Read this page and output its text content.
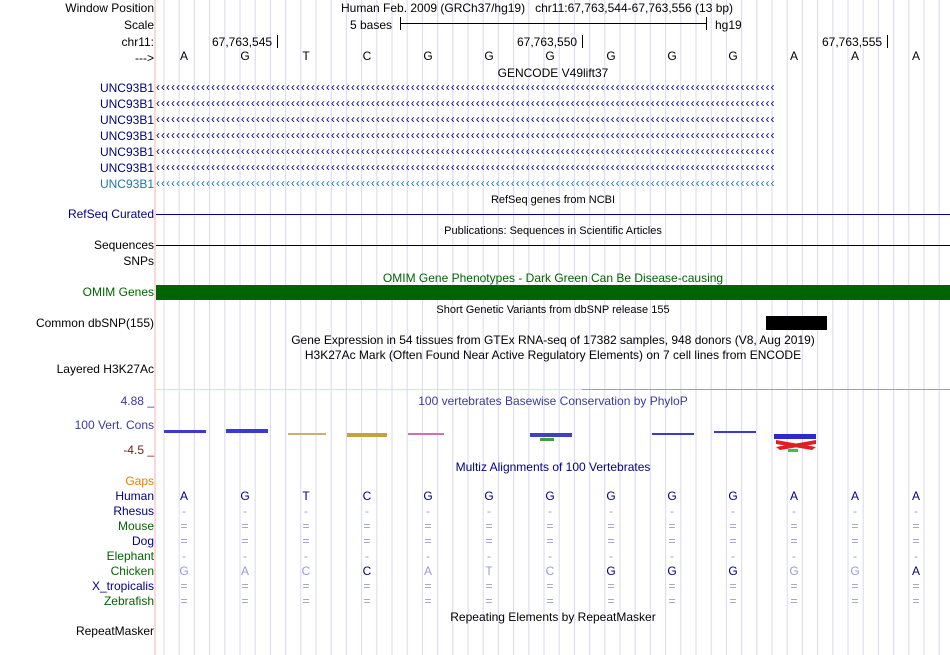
Window Position	Human Feb. 2009 (GRCh37/hg19) chr11:67,763,544-67,763,556 (13 bp)
Scale	5 bases	hg19
chr11:	67,763,545	67,763,550	67,763,555
--->	A	G	T	C	G	G	G	G	G	G	A	A	A
GENCODE V49lift37
UNC93B1 ‹‹‹‹‹‹‹‹‹‹‹‹‹‹‹‹‹‹‹‹‹‹‹‹‹‹‹‹‹‹‹‹‹‹‹‹‹‹‹‹‹‹‹‹‹‹‹‹‹‹‹‹‹‹‹‹‹‹‹‹‹‹‹‹‹‹‹‹‹‹‹‹‹‹‹‹‹‹‹‹‹‹‹‹‹‹‹‹‹‹‹‹‹‹‹‹‹‹‹‹‹‹‹‹‹‹‹‹‹‹‹‹‹‹‹‹‹‹‹‹‹‹‹‹
UNC93B1 ‹‹‹‹‹‹‹‹‹‹‹‹‹‹‹‹‹‹‹‹‹‹‹‹‹‹‹‹‹‹‹‹‹‹‹‹‹‹‹‹‹‹‹‹‹‹‹‹‹‹‹‹‹‹‹‹‹‹‹‹‹‹‹‹‹‹‹‹‹‹‹‹‹‹‹‹‹‹‹‹‹‹‹‹‹‹‹‹‹‹‹‹‹‹‹‹‹‹‹‹‹‹‹‹‹‹‹‹‹‹‹‹‹‹‹‹‹‹‹‹‹‹‹‹
UNC93B1 ‹‹‹‹‹‹‹‹‹‹‹‹‹‹‹‹‹‹‹‹‹‹‹‹‹‹‹‹‹‹‹‹‹‹‹‹‹‹‹‹‹‹‹‹‹‹‹‹‹‹‹‹‹‹‹‹‹‹‹‹‹‹‹‹‹‹‹‹‹‹‹‹‹‹‹‹‹‹‹‹‹‹‹‹‹‹‹‹‹‹‹‹‹‹‹‹‹‹‹‹‹‹‹‹‹‹‹‹‹‹‹‹‹‹‹‹‹‹‹‹‹‹‹‹
UNC93B1 ‹‹‹‹‹‹‹‹‹‹‹‹‹‹‹‹‹‹‹‹‹‹‹‹‹‹‹‹‹‹‹‹‹‹‹‹‹‹‹‹‹‹‹‹‹‹‹‹‹‹‹‹‹‹‹‹‹‹‹‹‹‹‹‹‹‹‹‹‹‹‹‹‹‹‹‹‹‹‹‹‹‹‹‹‹‹‹‹‹‹‹‹‹‹‹‹‹‹‹‹‹‹‹‹‹‹‹‹‹‹‹‹‹‹‹‹‹‹‹‹‹‹‹‹
UNC93B1 ‹‹‹‹‹‹‹‹‹‹‹‹‹‹‹‹‹‹‹‹‹‹‹‹‹‹‹‹‹‹‹‹‹‹‹‹‹‹‹‹‹‹‹‹‹‹‹‹‹‹‹‹‹‹‹‹‹‹‹‹‹‹‹‹‹‹‹‹‹‹‹‹‹‹‹‹‹‹‹‹‹‹‹‹‹‹‹‹‹‹‹‹‹‹‹‹‹‹‹‹‹‹‹‹‹‹‹‹‹‹‹‹‹‹‹‹‹‹‹‹‹‹‹‹
UNC93B1 ‹‹‹‹‹‹‹‹‹‹‹‹‹‹‹‹‹‹‹‹‹‹‹‹‹‹‹‹‹‹‹‹‹‹‹‹‹‹‹‹‹‹‹‹‹‹‹‹‹‹‹‹‹‹‹‹‹‹‹‹‹‹‹‹‹‹‹‹‹‹‹‹‹‹‹‹‹‹‹‹‹‹‹‹‹‹‹‹‹‹‹‹‹‹‹‹‹‹‹‹‹‹‹‹‹‹‹‹‹‹‹‹‹‹‹‹‹‹‹‹‹‹‹‹
UNC93B1 ‹‹‹‹‹‹‹‹‹‹‹‹‹‹‹‹‹‹‹‹‹‹‹‹‹‹‹‹‹‹‹‹‹‹‹‹‹‹‹‹‹‹‹‹‹‹‹‹‹‹‹‹‹‹‹‹‹‹‹‹‹‹‹‹‹‹‹‹‹‹‹‹‹‹‹‹‹‹‹‹‹‹‹‹‹‹‹‹‹‹‹‹‹‹‹‹‹‹‹‹‹‹‹‹‹‹‹‹‹‹‹‹‹‹‹‹‹‹‹‹‹‹‹‹
RefSeq genes from NCBI
RefSeq Curated
Publications: Sequences in Scientific Articles
Sequences
SNPs
OMIM Gene Phenotypes - Dark Green Can Be Disease-causing
OMIM Genes
Short Genetic Variants from dbSNP release 155
Common dbSNP(155)
Gene Expression in 54 tissues from GTEx RNA-seq of 17382 samples, 948 donors (V8, Aug 2019)
H3K27Ac Mark (Often Found Near Active Regulatory Elements) on 7 cell lines from ENCODE
Layered H3K27Ac
4.88 _	100 vertebrates Basewise Conservation by PhyloP
100 Vert. Cons
-4.5 _
Multiz Alignments of 100 Vertebrates
Gaps
Human	A	G	T	C	G	G	G	G	G	G	A	A	A
Rhesus	-	-	-	-	-	-	-	-	-	-	-	-	-
Mouse	=	=	=	=	=	=	=	=	=	=	=	=	=
Dog	=	=	=	=	=	=	=	=	=	=	=	=	=
Elephant	-	-	-	-	-	-	-	-	-	-	-	-	-
Chicken	G	A	C	C	A	T	C	G	G	G	G	G	A
X_tropicalis	=	=	=	=	=	=	=	=	=	=	=	=	=
Zebrafish	=	=	=	=	=	=	=	=	=	=	=	=	=
Repeating Elements by RepeatMasker
RepeatMasker
